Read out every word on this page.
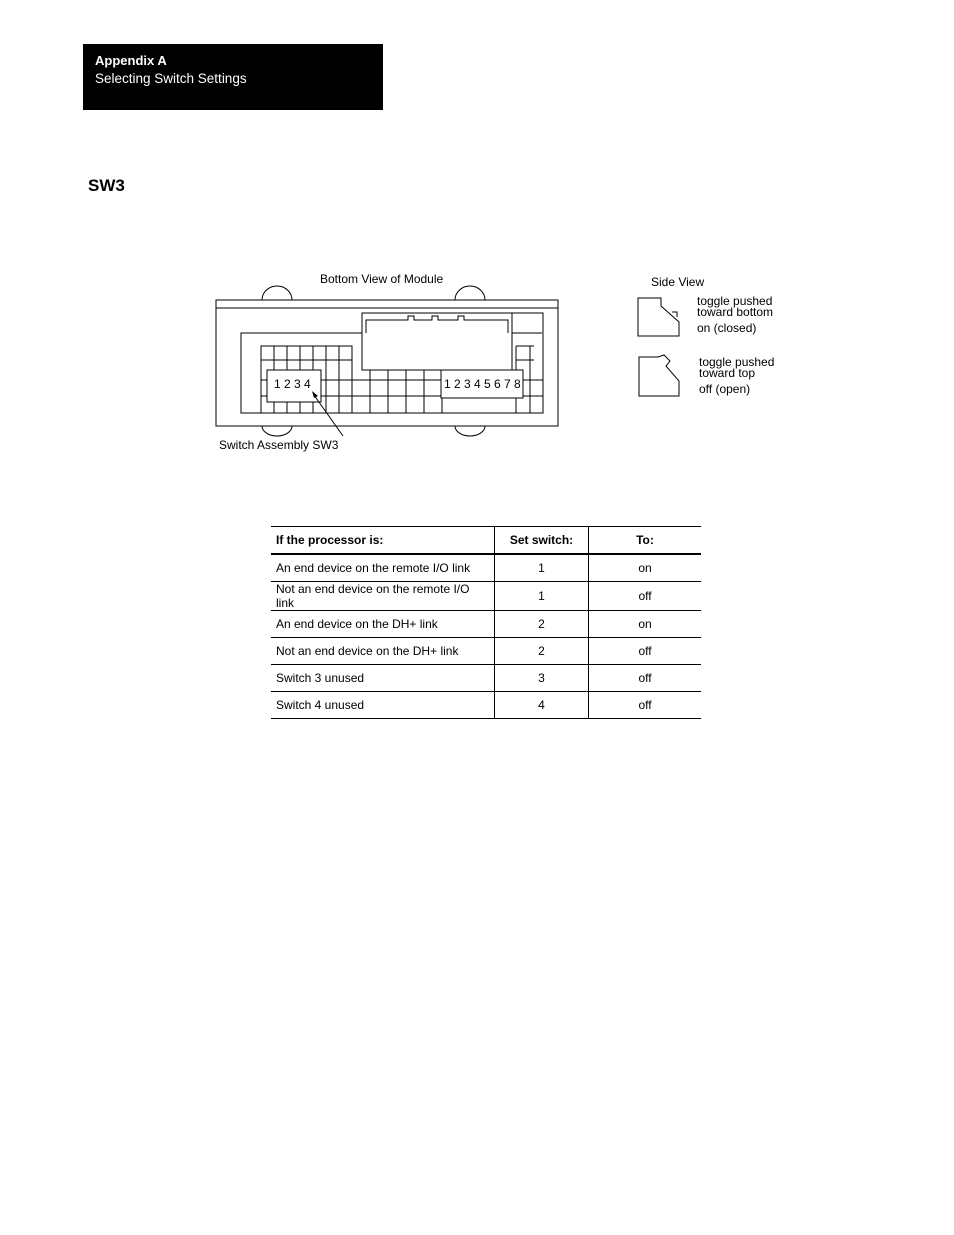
Appendix A
Selecting Switch Settings
SW3
Bottom View of Module
1 2 3 4	1 2 3 4 5 6 7 8
Switch Assembly SW3
Side View
toggle pushed
toward bottom
on (closed)
toggle pushed
toward top
off (open)
If the processor is:	Set switch:	To:
An end device on the remote I/O link	1	on
Not an end device on the remote I/O link	1	off
An end device on the DH+ link	2	on
Not an end device on the DH+ link	2	off
Switch 3 unused	3	off
Switch 4 unused	4	off
